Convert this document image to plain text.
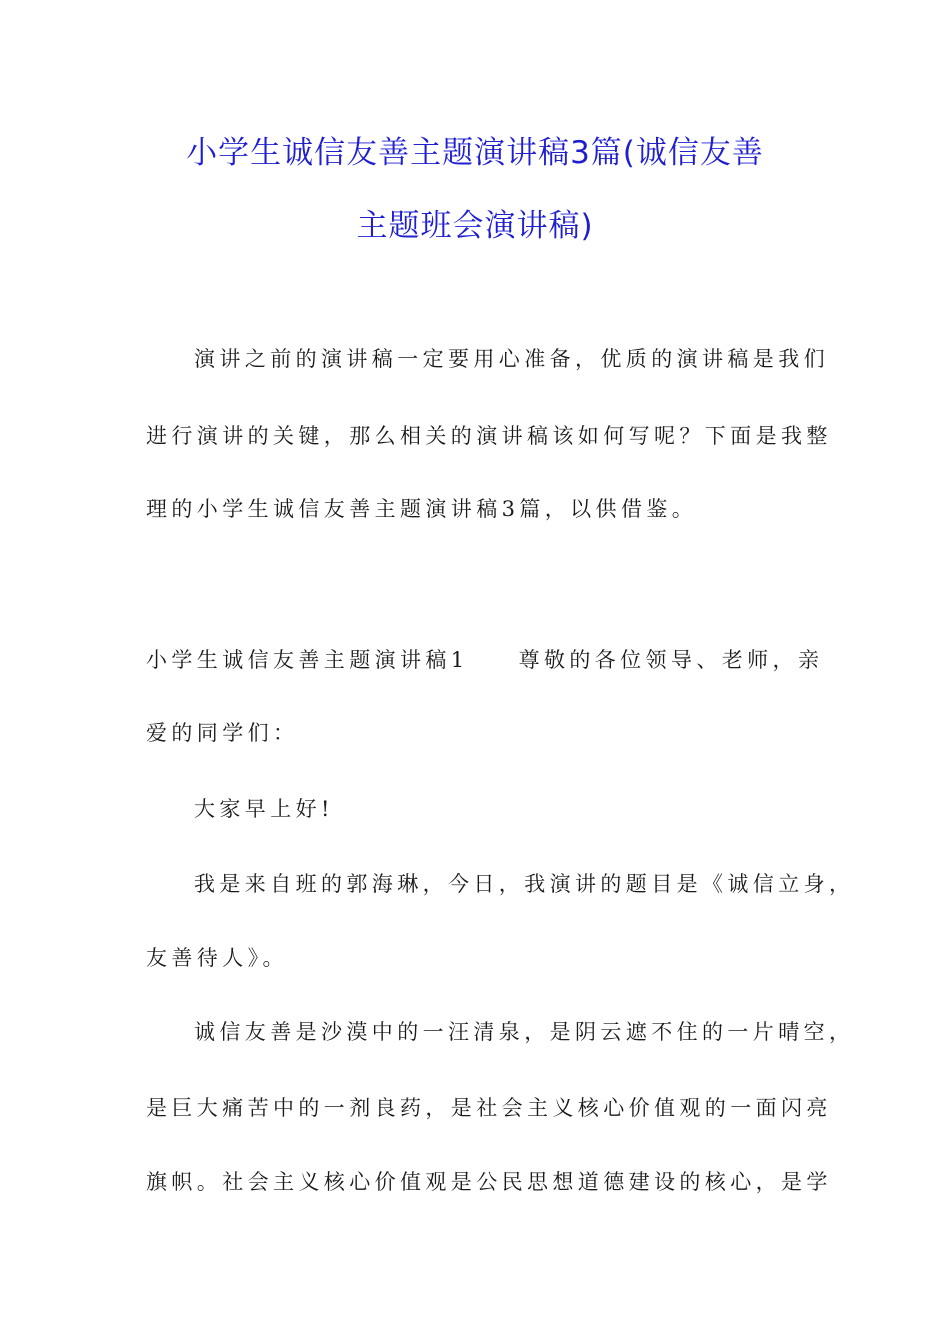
小学生诚信友善主题演讲稿3篇(诚信友善
主题班会演讲稿)
演讲之前的演讲稿一定要用心准备，优质的演讲稿是我们
进行演讲的关键，那么相关的演讲稿该如何写呢？下面是我整
理的小学生诚信友善主题演讲稿3篇，以供借鉴。
小学生诚信友善主题演讲稿1 尊敬的各位领导、老师，亲
爱的同学们：
大家早上好!
我是来自班的郭海琳，今日，我演讲的题目是《诚信立身，
友善待人》。
诚信友善是沙漠中的一汪清泉，是阴云遮不住的一片晴空，
是巨大痛苦中的一剂良药，是社会主义核心价值观的一面闪亮
旗帜。社会主义核心价值观是公民思想道德建设的核心，是学
